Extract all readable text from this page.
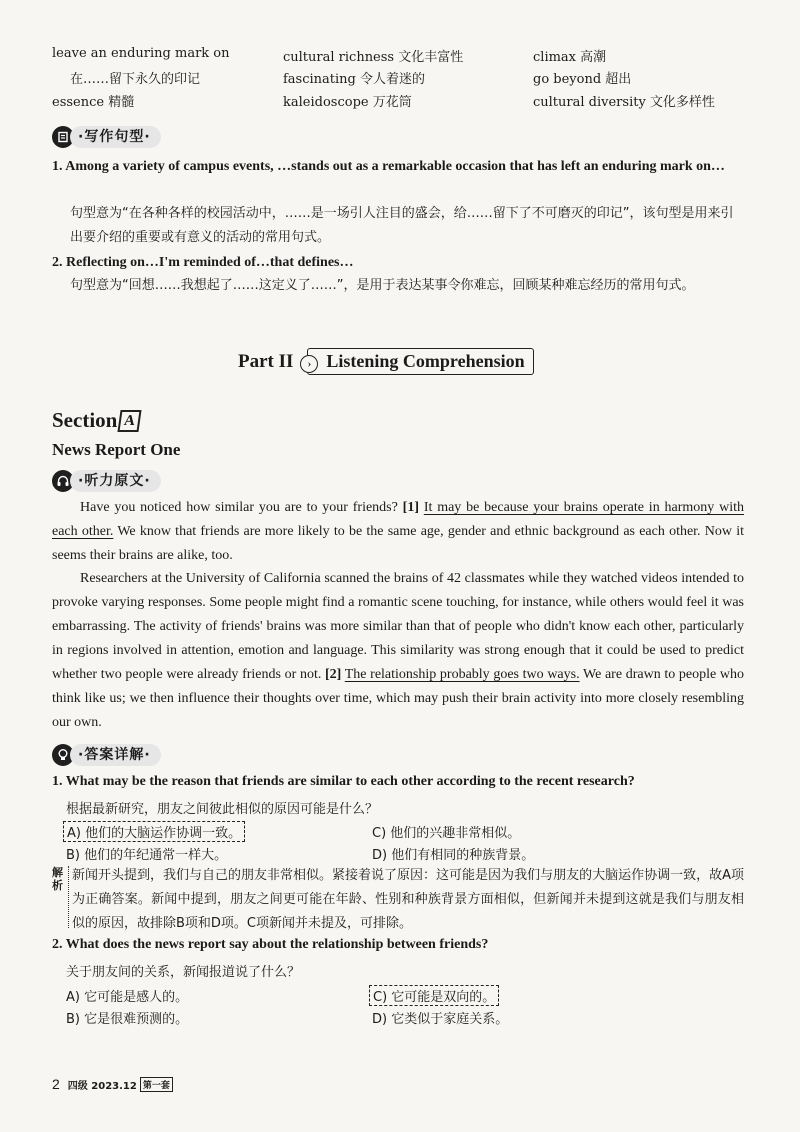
leave an enduring mark on	cultural richness 文化丰富性	climax 高潮
在……留下永久的印记	fascinating 令人着迷的	go beyond 超出
essence 精髓	kaleidoscope 万花筒	cultural diversity 文化多样性
·写作句型·
1. Among a variety of campus events, …stands out as a remarkable occasion that has left an enduring mark on…
句型意为“在各种各样的校园活动中，……是一场引人注目的盛会，给……留下了不可磨灭的印记”，该句型是用来引出要介绍的重要或有意义的活动的常用句式。
2. Reflecting on…I'm reminded of…that defines…
句型意为“回想……我想起了……这定义了……”，是用于表达某事令你难忘，回顾某种难忘经历的常用句式。
Part II	› Listening Comprehension
Section A
News Report One
·听力原文·
Have you noticed how similar you are to your friends? [1] It may be because your brains operate in harmony with each other. We know that friends are more likely to be the same age, gender and ethnic background as each other. Now it seems their brains are alike, too.
Researchers at the University of California scanned the brains of 42 classmates while they watched videos intended to provoke varying responses. Some people might find a romantic scene touching, for instance, while others would feel it was embarrassing. The activity of friends' brains was more similar than that of people who didn't know each other, particularly in regions involved in attention, emotion and language. This similarity was strong enough that it could be used to predict whether two people were already friends or not. [2] The relationship probably goes two ways. We are drawn to people who think like us; we then influence their thoughts over time, which may push their brain activity into more closely resembling our own.
·答案详解·
1. What may be the reason that friends are similar to each other according to the recent research?
根据最新研究，朋友之间彼此相似的原因可能是什么？
A) 他们的大脑运作协调一致。	C) 他们的兴趣非常相似。
B) 他们的年纪通常一样大。	D) 他们有相同的种族背景。
解析
新闻开头提到，我们与自己的朋友非常相似。紧接着说了原因：这可能是因为我们与朋友的大脑运作协调一致，故A项为正确答案。新闻中提到，朋友之间更可能在年龄、性别和种族背景方面相似，但新闻并未提到这就是我们与朋友相似的原因，故排除B项和D项。C项新闻并未提及，可排除。
2. What does the news report say about the relationship between friends?
关于朋友间的关系，新闻报道说了什么？
A) 它可能是感人的。	C) 它可能是双向的。
B) 它是很难预测的。	D) 它类似于家庭关系。
2 四级 2023.12 第一套
